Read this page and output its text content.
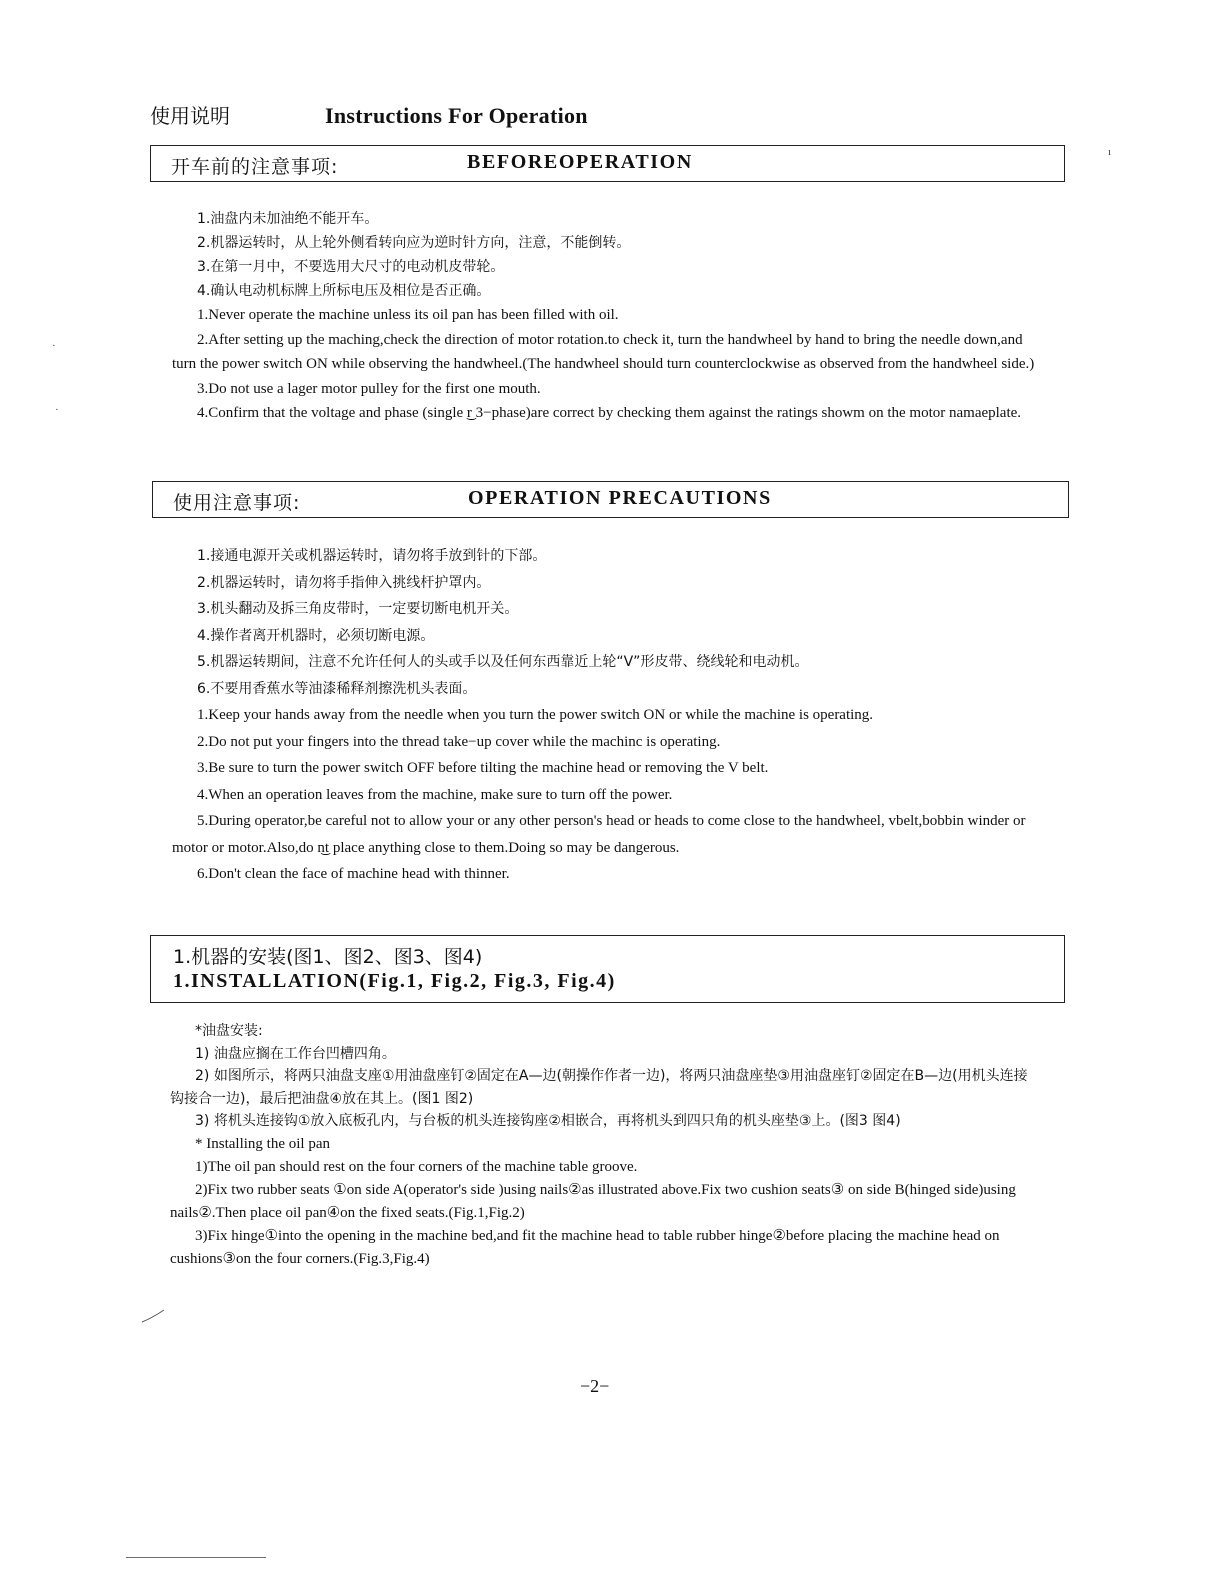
使用说明	Instructions For Operation
开车前的注意事项:	BEFOREOPERATION

1.油盘内未加油绝不能开车。

2.机器运转时，从上轮外侧看转向应为逆时针方向，注意，不能倒转。

3.在第一月中，不要选用大尺寸的电动机皮带轮。

4.确认电动机标牌上所标电压及相位是否正确。

1.Never operate the machine unless its oil pan has been filled with oil.

2.After setting up the maching,check the direction of motor rotation.to check it, turn the handwheel by hand to bring the needle down,and turn the power switch ON while observing the handwheel.(The handwheel should turn counterclockwise as observed from the handwheel side.)

3.Do not use a lager motor pulley for the first one mouth.

4.Confirm that the voltage and phase (single ͜r 3−phase)are correct by checking them against the ratings showm on the motor namaeplate.

使用注意事项:	OPERATION PRECAUTIONS

1.接通电源开关或机器运转时，请勿将手放到针的下部。

2.机器运转时，请勿将手指伸入挑线杆护罩内。

3.机头翻动及拆三角皮带时，一定要切断电机开关。

4.操作者离开机器时，必须切断电源。

5.机器运转期间，注意不允许任何人的头或手以及任何东西靠近上轮“V”形皮带、绕线轮和电动机。

6.不要用香蕉水等油漆稀释剂擦洗机头表面。

1.Keep your hands away from the needle when you turn the power switch ON or while the machine is operating.

2.Do not put your fingers into the thread take−up cover while the machinc is operating.

3.Be sure to turn the power switch OFF before tilting the machine head or removing the V belt.

4.When an operation leaves from the machine, make sure to turn off the power.

5.During operator,be careful not to allow your or any other person's head or heads to come close to the handwheel, vbelt,bobbin winder or motor or motor.Also,do n͜t place anything close to them.Doing so may be dangerous.

6.Don't clean the face of machine head with thinner.

1.机器的安装(图1、图2、图3、图4)
1.INSTALLATION(Fig.1, Fig.2, Fig.3, Fig.4)

*油盘安装:

1) 油盘应搁在工作台凹槽四角。

2) 如图所示，将两只油盘支座①用油盘座钉②固定在A—边(朝操作作者一边)，将两只油盘座垫③用油盘座钉②固定在B—边(用机头连接钩接合一边)，最后把油盘④放在其上。(图1 图2)

3) 将机头连接钩①放入底板孔内，与台板的机头连接钩座②相嵌合，再将机头到四只角的机头座垫③上。(图3 图4)

* Installing the oil pan

1)The oil pan should rest on the four corners of the machine table groove.

2)Fix two rubber seats ①on side A(operator's side )using nails②as illustrated above.Fix two cushion seats③ on side B(hinged side)using nails②.Then place oil pan④on the fixed seats.(Fig.1,Fig.2)

3)Fix hinge①into the opening in the machine bed,and fit the machine head to table rubber hinge②before placing the machine head on cushions③on the four corners.(Fig.3,Fig.4)

−2−
ı
·
·
